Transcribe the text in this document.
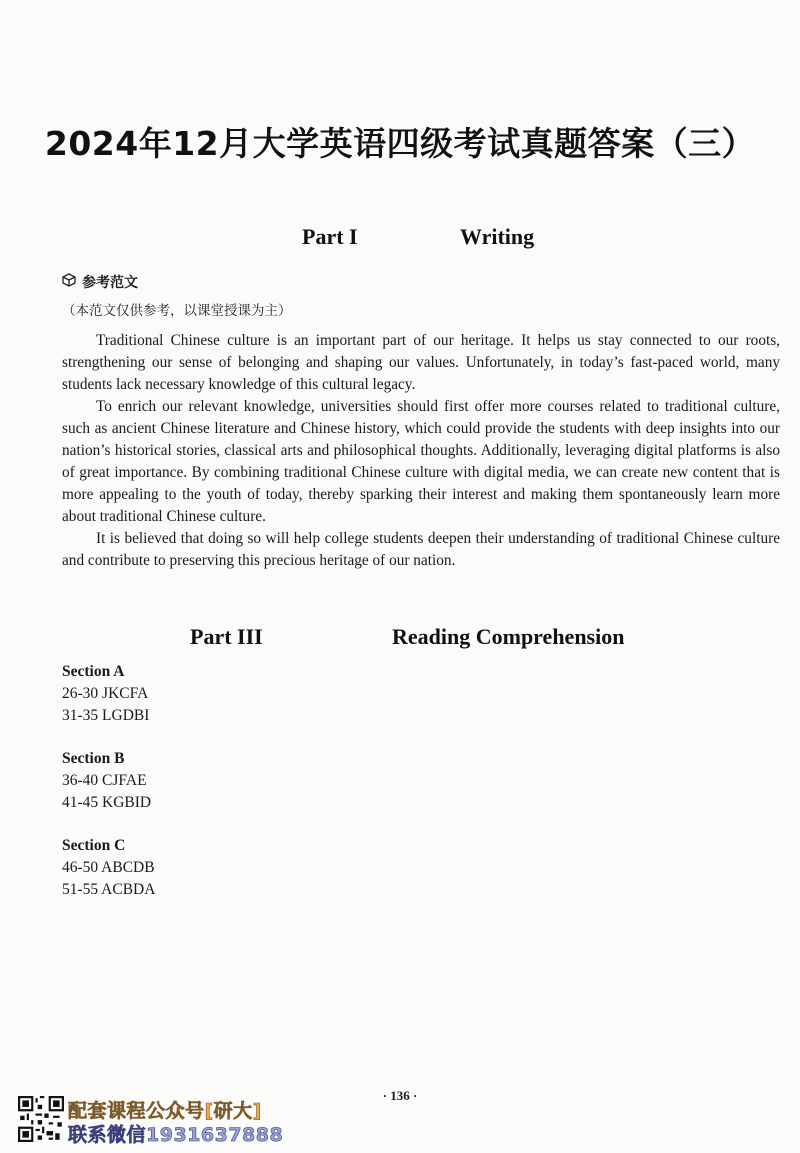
2024年12月大学英语四级考试真题答案（三）
Part I	Writing
参考范文
（本范文仅供参考，以课堂授课为主）

Traditional Chinese culture is an important part of our heritage. It helps us stay connected to our roots, strengthening our sense of belonging and shaping our values. Unfortunately, in today’s fast-paced world, many students lack necessary knowledge of this cultural legacy.

To enrich our relevant knowledge, universities should first offer more courses related to traditional culture, such as ancient Chinese literature and Chinese history, which could provide the students with deep insights into our nation’s historical stories, classical arts and philosophical thoughts. Additionally, leveraging digital platforms is also of great importance. By combining traditional Chinese culture with digital media, we can create new content that is more appealing to the youth of today, thereby sparking their interest and making them spontaneously learn more about traditional Chinese culture.

It is believed that doing so will help college students deepen their understanding of traditional Chinese culture and contribute to preserving this precious heritage of our nation.

Part III	Reading Comprehension
Section A
26-30 JKCFA
31-35 LGDBI
Section B
36-40 CJFAE
41-45 KGBID
Section C
46-50 ABCDB
51-55 ACBDA
· 136 ·
配套课程公众号[研大]
联系微信1931637888
